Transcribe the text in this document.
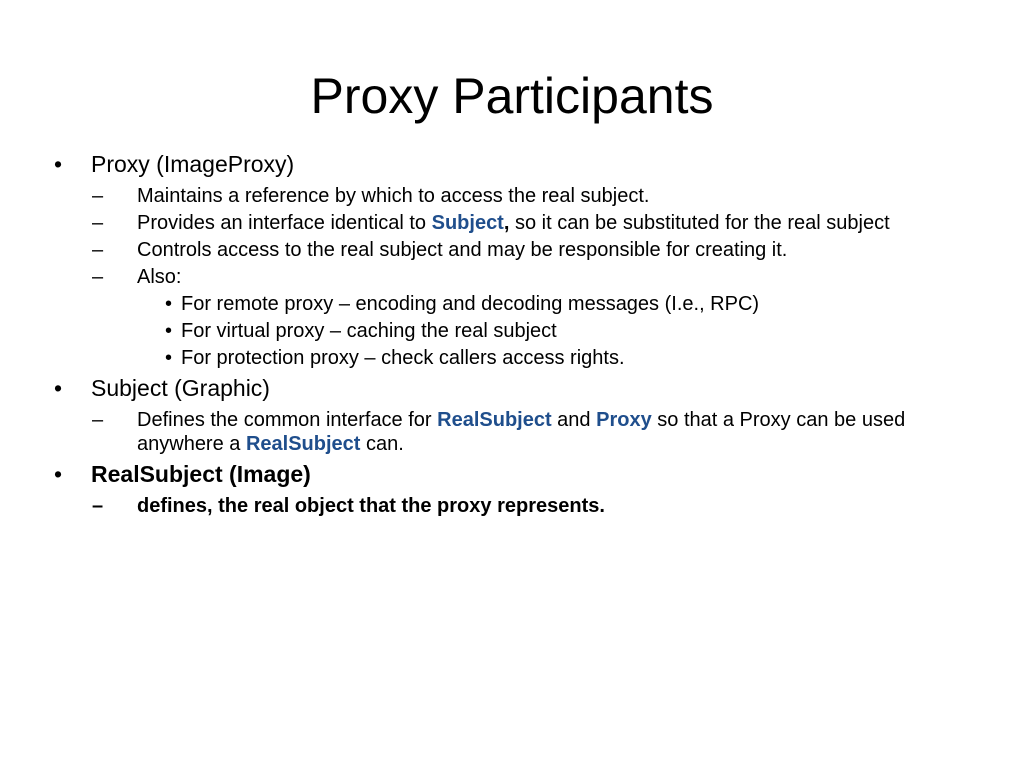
Proxy Participants
• Proxy (ImageProxy)
– Maintains a reference by which to access the real subject.
– Provides an interface identical to Subject, so it can be substituted for the real subject
– Controls access to the real subject and may be responsible for creating it.
– Also:
• For remote proxy – encoding and decoding messages (I.e., RPC)
• For virtual proxy – caching the real subject
• For protection proxy – check callers access rights.
• Subject (Graphic)
– Defines the common interface for RealSubject and Proxy so that a Proxy can be used anywhere a RealSubject can.
• RealSubject (Image)
– defines, the real object that the proxy represents.
